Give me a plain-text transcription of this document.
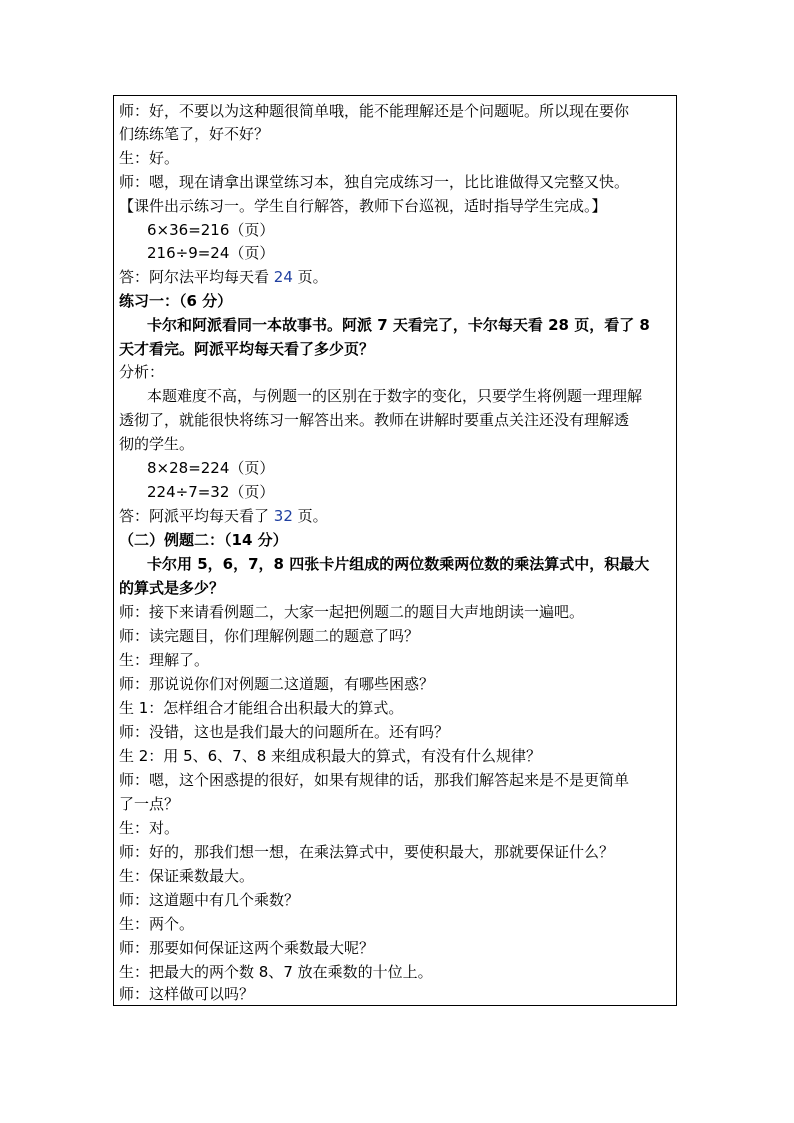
师：好，不要以为这种题很简单哦，能不能理解还是个问题呢。所以现在要你
们练练笔了，好不好？
生：好。
师：嗯，现在请拿出课堂练习本，独自完成练习一，比比谁做得又完整又快。
【课件出示练习一。学生自行解答，教师下台巡视，适时指导学生完成。】
6×36=216（页）
216÷9=24（页）
答：阿尔法平均每天看 24 页。
练习一：（6 分）
卡尔和阿派看同一本故事书。阿派 7 天看完了，卡尔每天看 28 页，看了 8
天才看完。阿派平均每天看了多少页？
分析：
本题难度不高，与例题一的区别在于数字的变化，只要学生将例题一理理解
透彻了，就能很快将练习一解答出来。教师在讲解时要重点关注还没有理解透
彻的学生。
8×28=224（页）
224÷7=32（页）
答：阿派平均每天看了 32 页。
（二）例题二：（14 分）
卡尔用 5，6，7，8 四张卡片组成的两位数乘两位数的乘法算式中，积最大
的算式是多少？
师：接下来请看例题二，大家一起把例题二的题目大声地朗读一遍吧。
师：读完题目，你们理解例题二的题意了吗？
生：理解了。
师：那说说你们对例题二这道题，有哪些困惑？
生 1：怎样组合才能组合出积最大的算式。
师：没错，这也是我们最大的问题所在。还有吗？
生 2：用 5、6、7、8 来组成积最大的算式，有没有什么规律？
师：嗯，这个困惑提的很好，如果有规律的话，那我们解答起来是不是更简单
了一点？
生：对。
师：好的，那我们想一想，在乘法算式中，要使积最大，那就要保证什么？
生：保证乘数最大。
师：这道题中有几个乘数？
生：两个。
师：那要如何保证这两个乘数最大呢？
生：把最大的两个数 8、7 放在乘数的十位上。
师：这样做可以吗？
